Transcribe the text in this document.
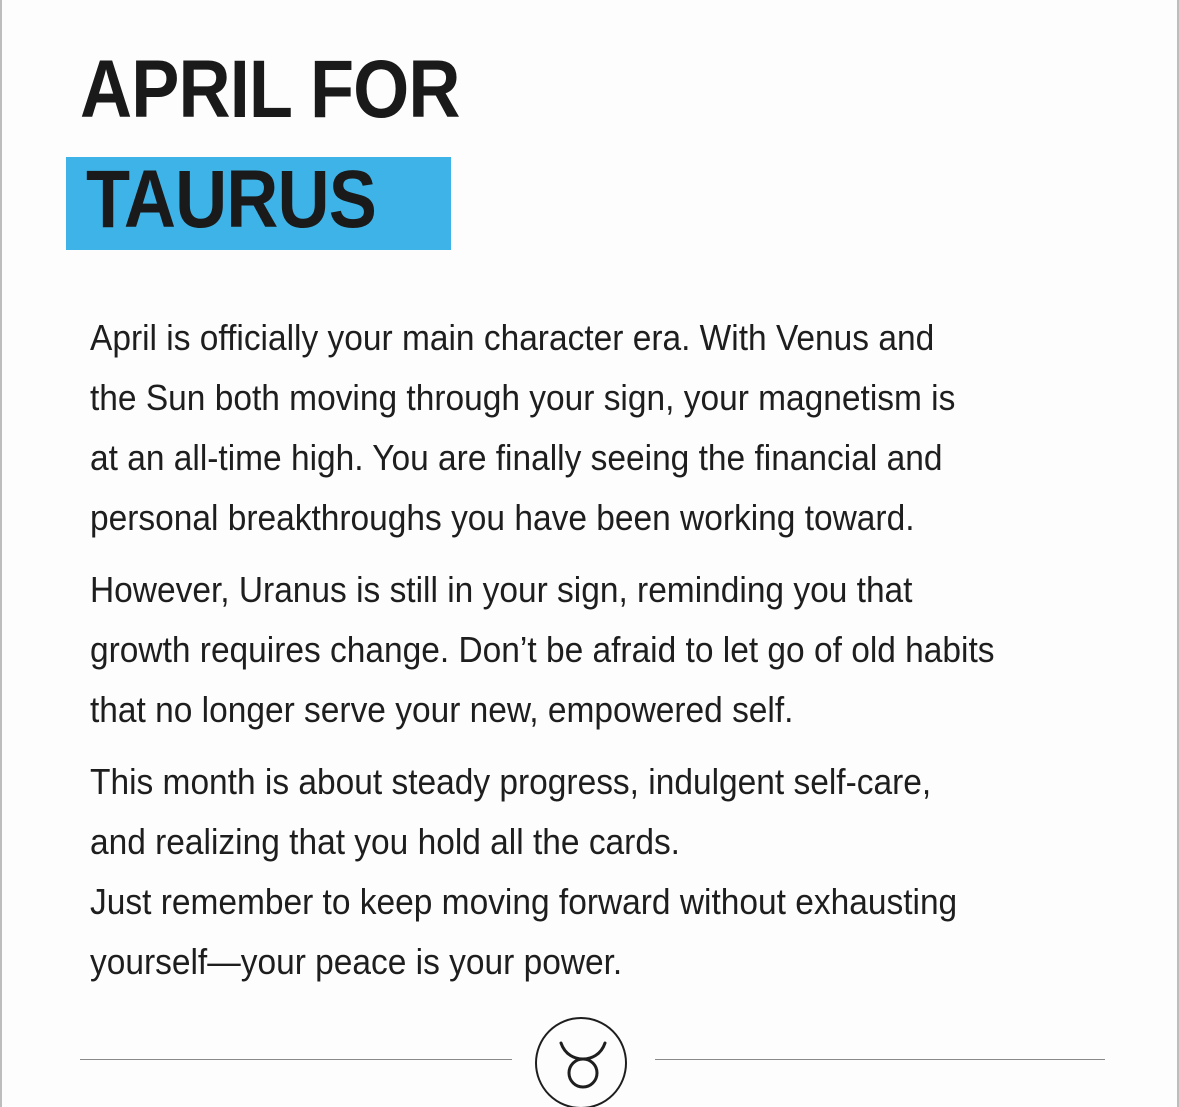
APRIL FOR
TAURUS
April is officially your main character era. With Venus and
the Sun both moving through your sign, your magnetism is
at an all-time high. You are finally seeing the financial and
personal breakthroughs you have been working toward.
However, Uranus is still in your sign, reminding you that
growth requires change. Don’t be afraid to let go of old habits
that no longer serve your new, empowered self.
This month is about steady progress, indulgent self-care,
and realizing that you hold all the cards.
Just remember to keep moving forward without exhausting
yourself—your peace is your power.
